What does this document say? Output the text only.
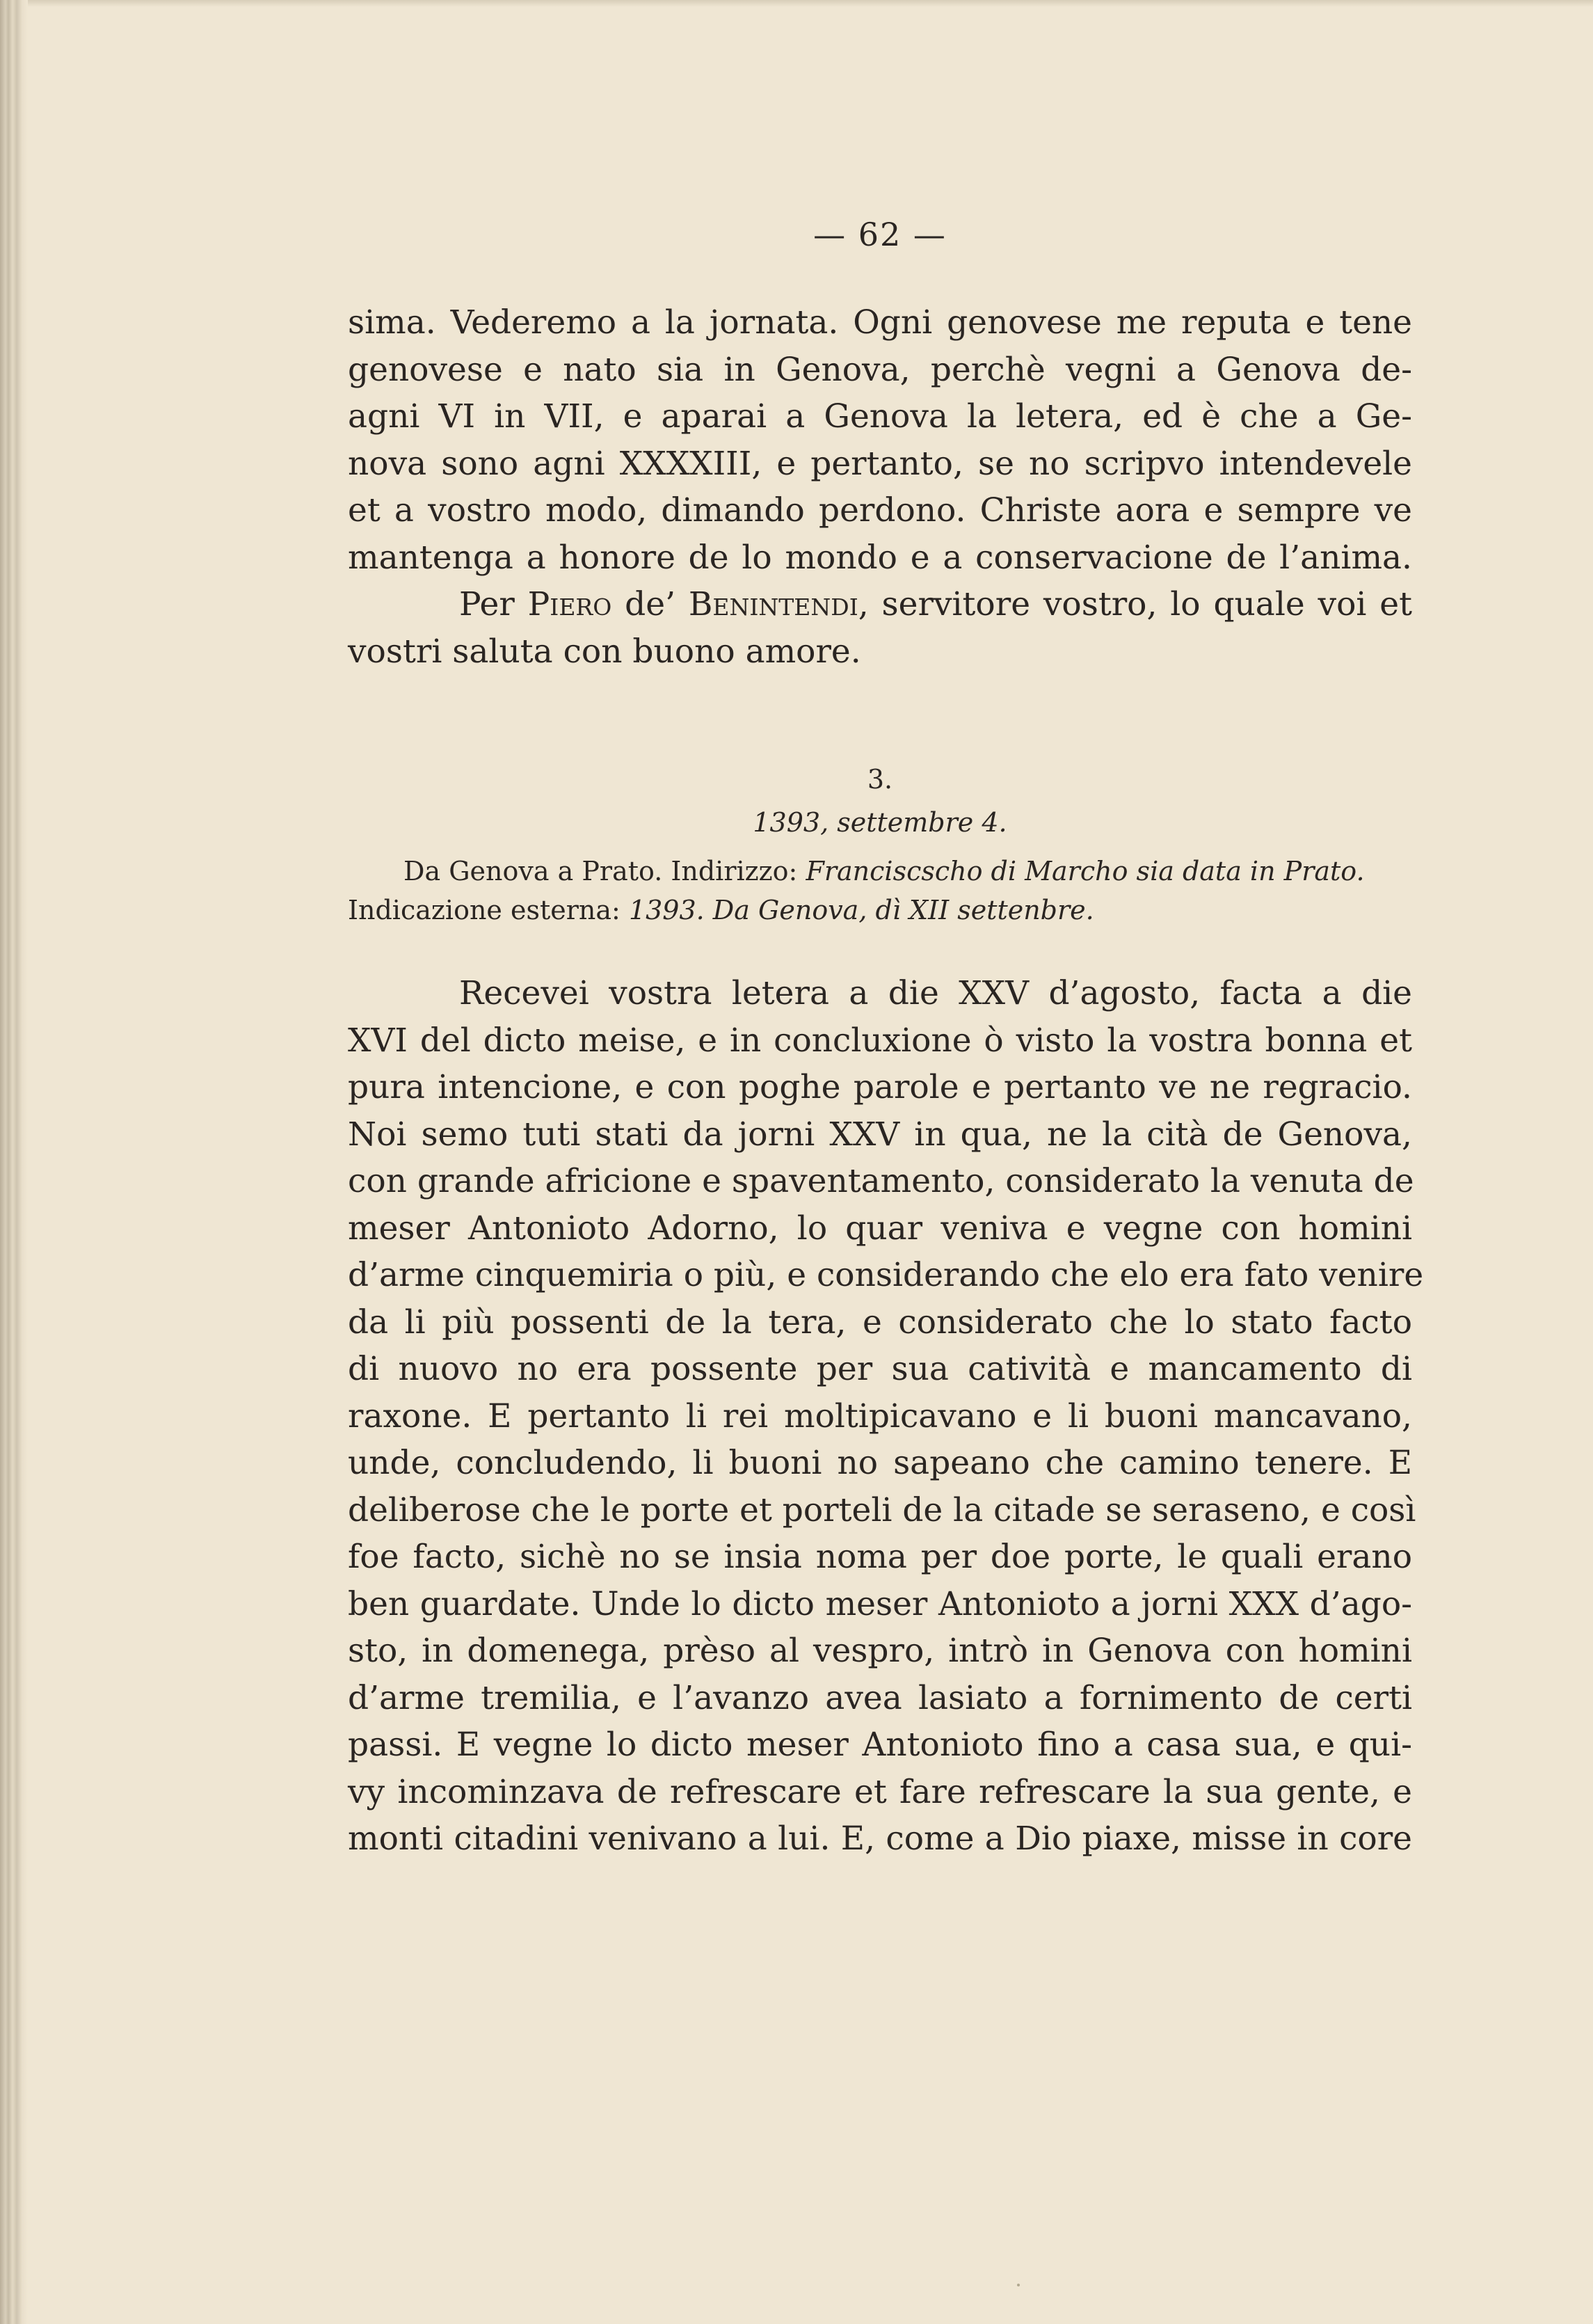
— 62 —
sima. Vederemo a la jornata. Ogni genovese me reputa e tene
genovese e nato sia in Genova, perchè vegni a Genova de-
agni VI in VII, e aparai a Genova la letera, ed è che a Ge-
nova sono agni XXXXIII, e pertanto, se no scripvo intendevele
et a vostro modo, dimando perdono. Christe aora e sempre ve
mantenga a honore de lo mondo e a conservacione de l’anima.
Per Piero de’ Benintendi, servitore vostro, lo quale voi et
vostri saluta con buono amore.
3.
1393, settembre 4.
Da Genova a Prato. Indirizzo: Franciscscho di Marcho sia data in Prato.
Indicazione esterna: 1393. Da Genova, dì XII settenbre.
Recevei vostra letera a die XXV d’agosto, facta a die
XVI del dicto meise, e in concluxione ò visto la vostra bonna et
pura intencione, e con poghe parole e pertanto ve ne regracio.
Noi semo tuti stati da jorni XXV in qua, ne la cità de Genova,
con grande africione e spaventamento, considerato la venuta de
meser Antonioto Adorno, lo quar veniva e vegne con homini
d’arme cinquemiria o più, e considerando che elo era fato venire
da li più possenti de la tera, e considerato che lo stato facto
di nuovo no era possente per sua catività e mancamento di
raxone. E pertanto li rei moltipicavano e li buoni mancavano,
unde, concludendo, li buoni no sapeano che camino tenere. E
deliberose che le porte et porteli de la citade se seraseno, e così
foe facto, sichè no se insia noma per doe porte, le quali erano
ben guardate. Unde lo dicto meser Antonioto a jorni XXX d’ago-
sto, in domenega, prèso al vespro, intrò in Genova con homini
d’arme tremilia, e l’avanzo avea lasiato a fornimento de certi
passi. E vegne lo dicto meser Antonioto fino a casa sua, e qui-
vy incominzava de refrescare et fare refrescare la sua gente, e
monti citadini venivano a lui. E, come a Dio piaxe, misse in core
